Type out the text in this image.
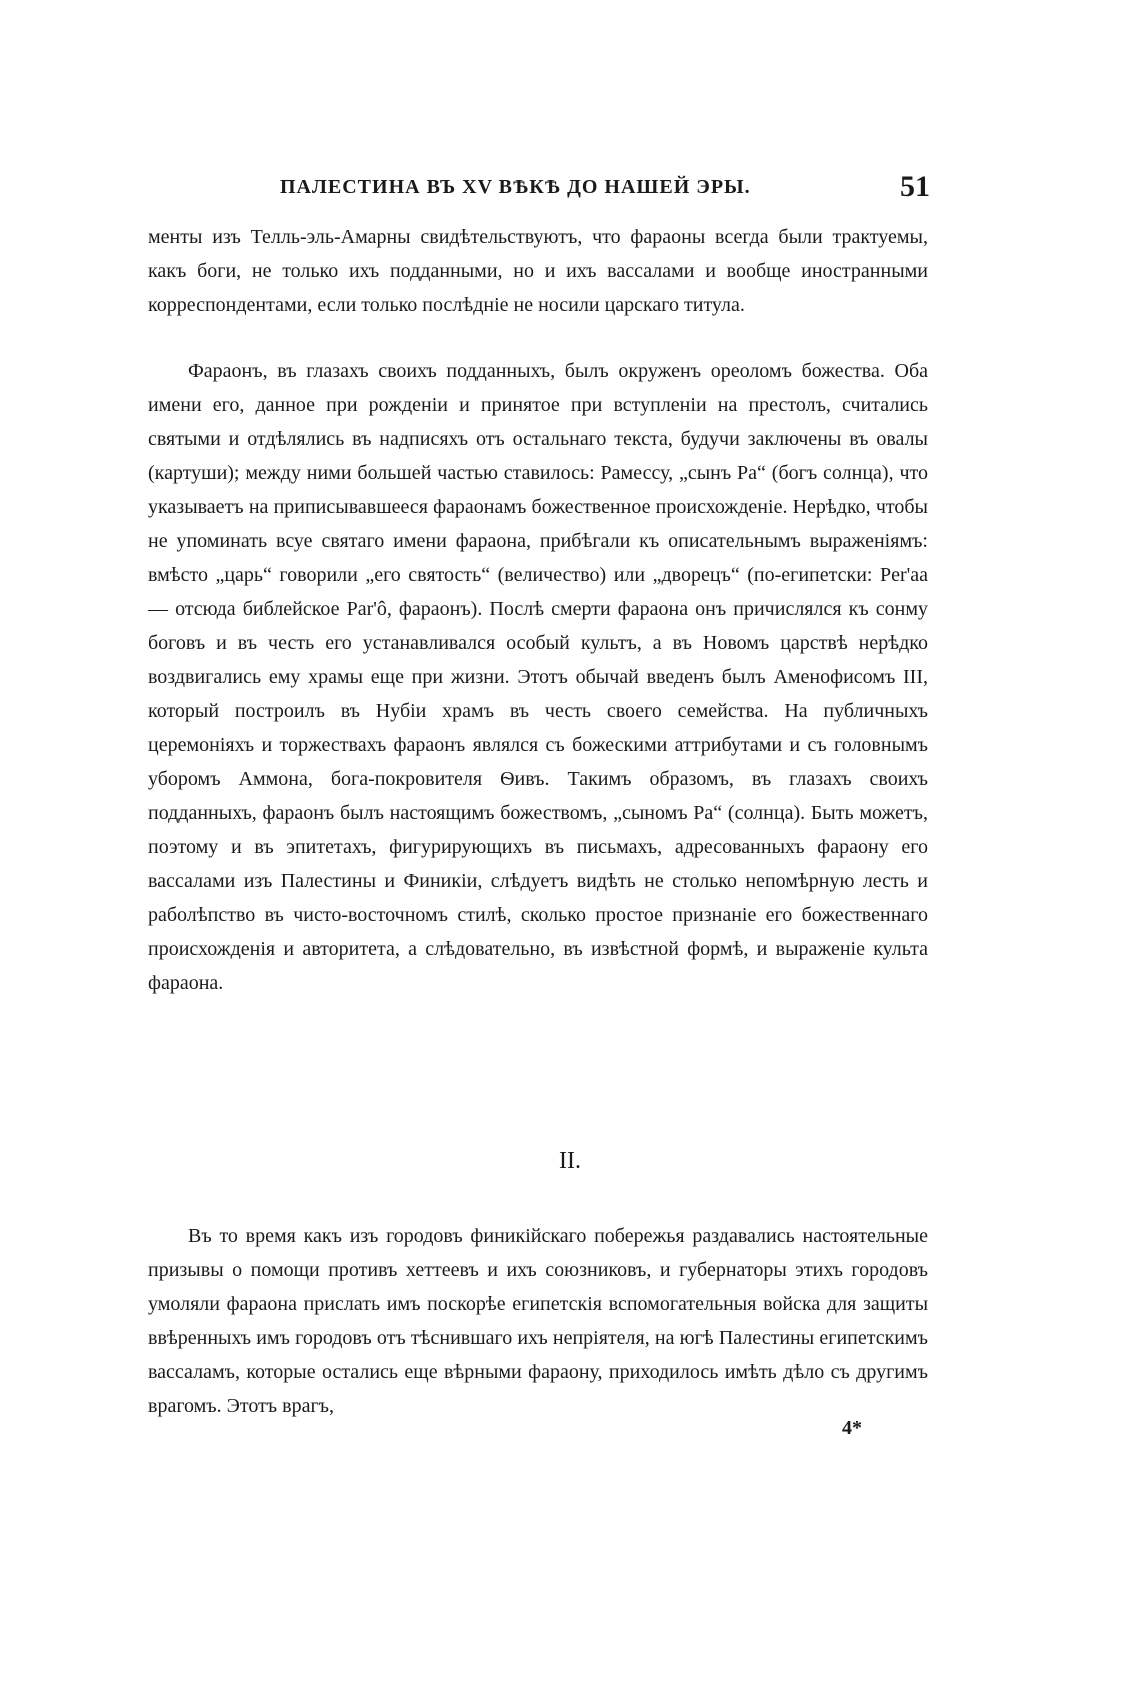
ПАЛЕСТИНА ВЪ XV ВѢКѢ ДО НАШЕЙ ЭРЫ.	51

менты изъ Телль-эль-Амарны свидѣтельствуютъ, что фараоны всегда были трактуемы, какъ боги, не только ихъ подданными, но и ихъ вассалами и вообще иностранными корреспондентами, если только послѣдніе не носили царскаго титула.

Фараонъ, въ глазахъ своихъ подданныхъ, былъ окруженъ ореоломъ божества. Оба имени его, данное при рожденіи и принятое при вступленіи на престолъ, считались святыми и отдѣлялись въ надписяхъ отъ остальнаго текста, будучи заключены въ овалы (картуши); между ними большей частью ставилось: Рамессу, „сынъ Ра“ (богъ солнца), что указываетъ на приписывавшееся фараонамъ божественное происхожденіе. Нерѣдко, чтобы не упоминать всуе святаго имени фараона, прибѣгали къ описательнымъ выраженіямъ: вмѣсто „царь“ говорили „его святость“ (величество) или „дворецъ“ (по-египетски: Per'aa — отсюда библейское Par'ô, фараонъ). Послѣ смерти фараона онъ причислялся къ сонму боговъ и въ честь его устанавливался особый культъ, а въ Новомъ царствѣ нерѣдко воздвигались ему храмы еще при жизни. Этотъ обычай введенъ былъ Аменофисомъ III, который построилъ въ Нубіи храмъ въ честь своего семейства. На публичныхъ церемоніяхъ и торжествахъ фараонъ являлся съ божескими аттрибутами и съ головнымъ уборомъ Аммона, бога-покровителя Ѳивъ. Такимъ образомъ, въ глазахъ своихъ подданныхъ, фараонъ былъ настоящимъ божествомъ, „сыномъ Ра“ (солнца). Быть можетъ, поэтому и въ эпитетахъ, фигурирующихъ въ письмахъ, адресованныхъ фараону его вассалами изъ Палестины и Финикіи, слѣдуетъ видѣть не столько непомѣрную лесть и раболѣпство въ чисто-восточномъ стилѣ, сколько простое признаніе его божественнаго происхожденія и авторитета, а слѣдовательно, въ извѣстной формѣ, и выраженіе культа фараона.

II.

Въ то время какъ изъ городовъ финикійскаго побережья раздавались настоятельные призывы о помощи противъ хеттеевъ и ихъ союзниковъ, и губернаторы этихъ городовъ умоляли фараона прислать имъ поскорѣе египетскія вспомогательныя войска для защиты ввѣренныхъ имъ городовъ отъ тѣснившаго ихъ непріятеля, на югѣ Палестины египетскимъ вассаламъ, которые остались еще вѣрными фараону, приходилось имѣть дѣло съ другимъ врагомъ. Этотъ врагъ,

4*
